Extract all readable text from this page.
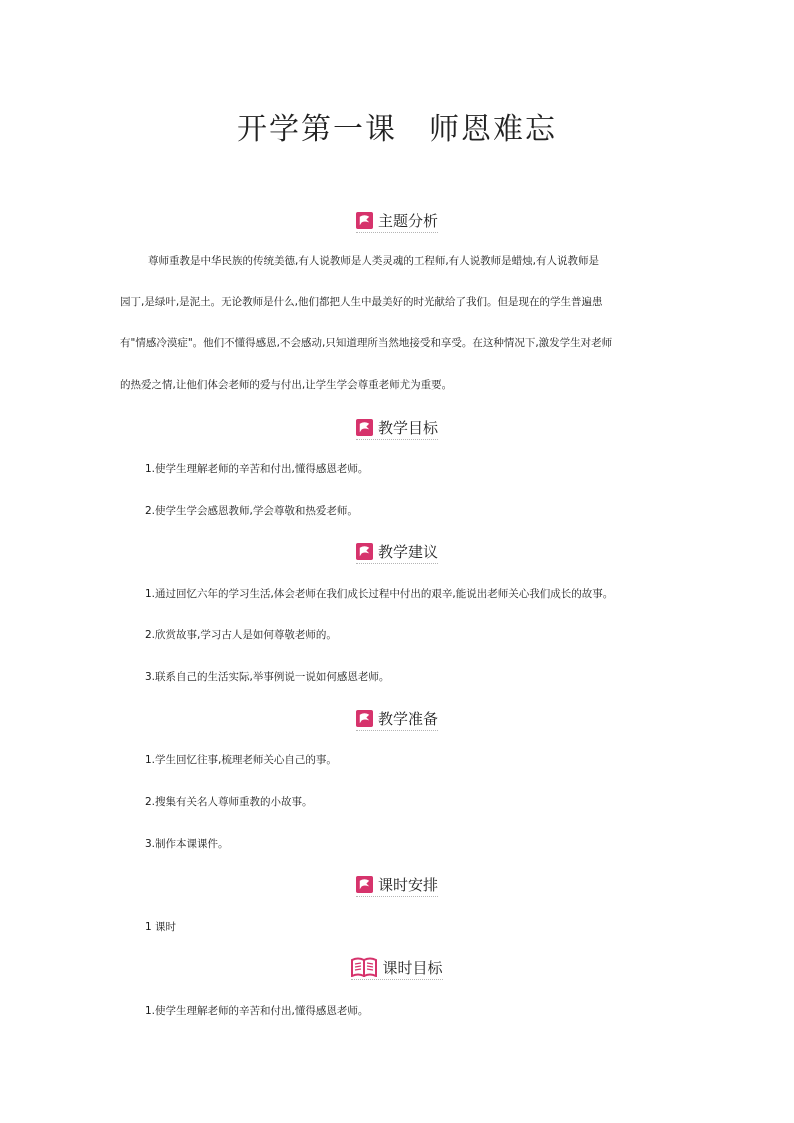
开学第一课　师恩难忘
主题分析
尊师重教是中华民族的传统美德,有人说教师是人类灵魂的工程师,有人说教师是蜡烛,有人说教师是
园丁,是绿叶,是泥土。无论教师是什么,他们都把人生中最美好的时光献给了我们。但是现在的学生普遍患
有"情感冷漠症"。他们不懂得感恩,不会感动,只知道理所当然地接受和享受。在这种情况下,激发学生对老师
的热爱之情,让他们体会老师的爱与付出,让学生学会尊重老师尤为重要。
教学目标
1.使学生理解老师的辛苦和付出,懂得感恩老师。
2.使学生学会感恩教师,学会尊敬和热爱老师。
教学建议
1.通过回忆六年的学习生活,体会老师在我们成长过程中付出的艰辛,能说出老师关心我们成长的故事。
2.欣赏故事,学习古人是如何尊敬老师的。
3.联系自己的生活实际,举事例说一说如何感恩老师。
教学准备
1.学生回忆往事,梳理老师关心自己的事。
2.搜集有关名人尊师重教的小故事。
3.制作本课课件。
课时安排
1 课时
课时目标
1.使学生理解老师的辛苦和付出,懂得感恩老师。
